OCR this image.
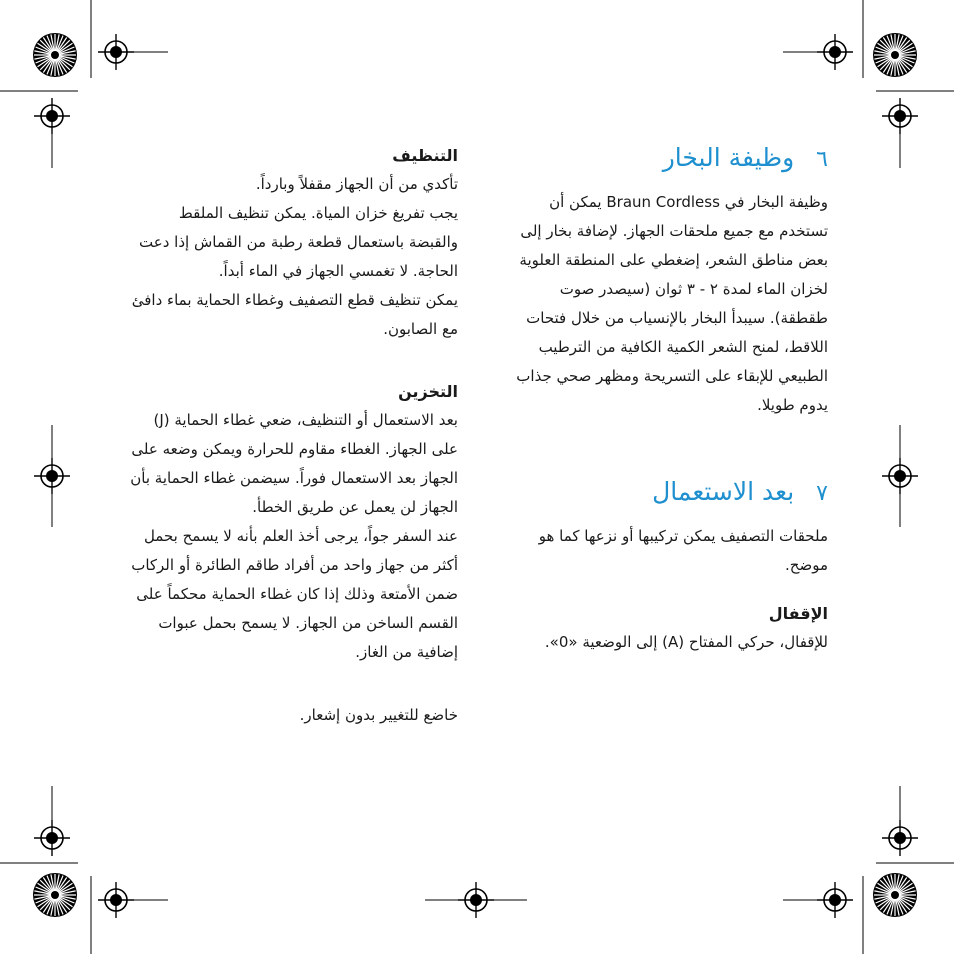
٦
وظيفة البخار

وظيفة البخار في Braun Cordless يمكن أن تستخدم مع جميع ملحقات الجهاز. لإضافة بخار إلى بعض مناطق الشعر، إضغطي على المنطقة العلوية لخزان الماء لمدة ٢ - ٣ ثوان (سيصدر صوت طقطقة). سيبدأ البخار بالإنسياب من خلال فتحات اللاقط، لمنح الشعر الكمية الكافية من الترطيب الطبيعي للإبقاء على التسريحة ومظهر صحي جذاب يدوم طويلا.

٧
بعد الاستعمال

ملحقات التصفيف يمكن تركيبها أو نزعها كما هو موضح.

الإقفال

للإقفال، حركي المفتاح (A) إلى الوضعية «0».

التنظيف

تأكدي من أن الجهاز مقفلاً وبارداً.

يجب تفريغ خزان المياة. يمكن تنظيف الملقط والقبضة باستعمال قطعة رطبة من القماش إذا دعت الحاجة. لا تغمسي الجهاز في الماء أبداً.

يمكن تنظيف قطع التصفيف وغطاء الحماية بماء دافئ مع الصابون.

التخزين

بعد الاستعمال أو التنظيف، ضعي غطاء الحماية (J) على الجهاز. الغطاء مقاوم للحرارة ويمكن وضعه على الجهاز بعد الاستعمال فوراً. سيضمن غطاء الحماية بأن الجهاز لن يعمل عن طريق الخطأ.

عند السفر جواً، يرجى أخذ العلم بأنه لا يسمح بحمل أكثر من جهاز واحد من أفراد طاقم الطائرة أو الركاب ضمن الأمتعة وذلك إذا كان غطاء الحماية محكماً على القسم الساخن من الجهاز. لا يسمح بحمل عبوات إضافية من الغاز.

خاضع للتغيير بدون إشعار.
